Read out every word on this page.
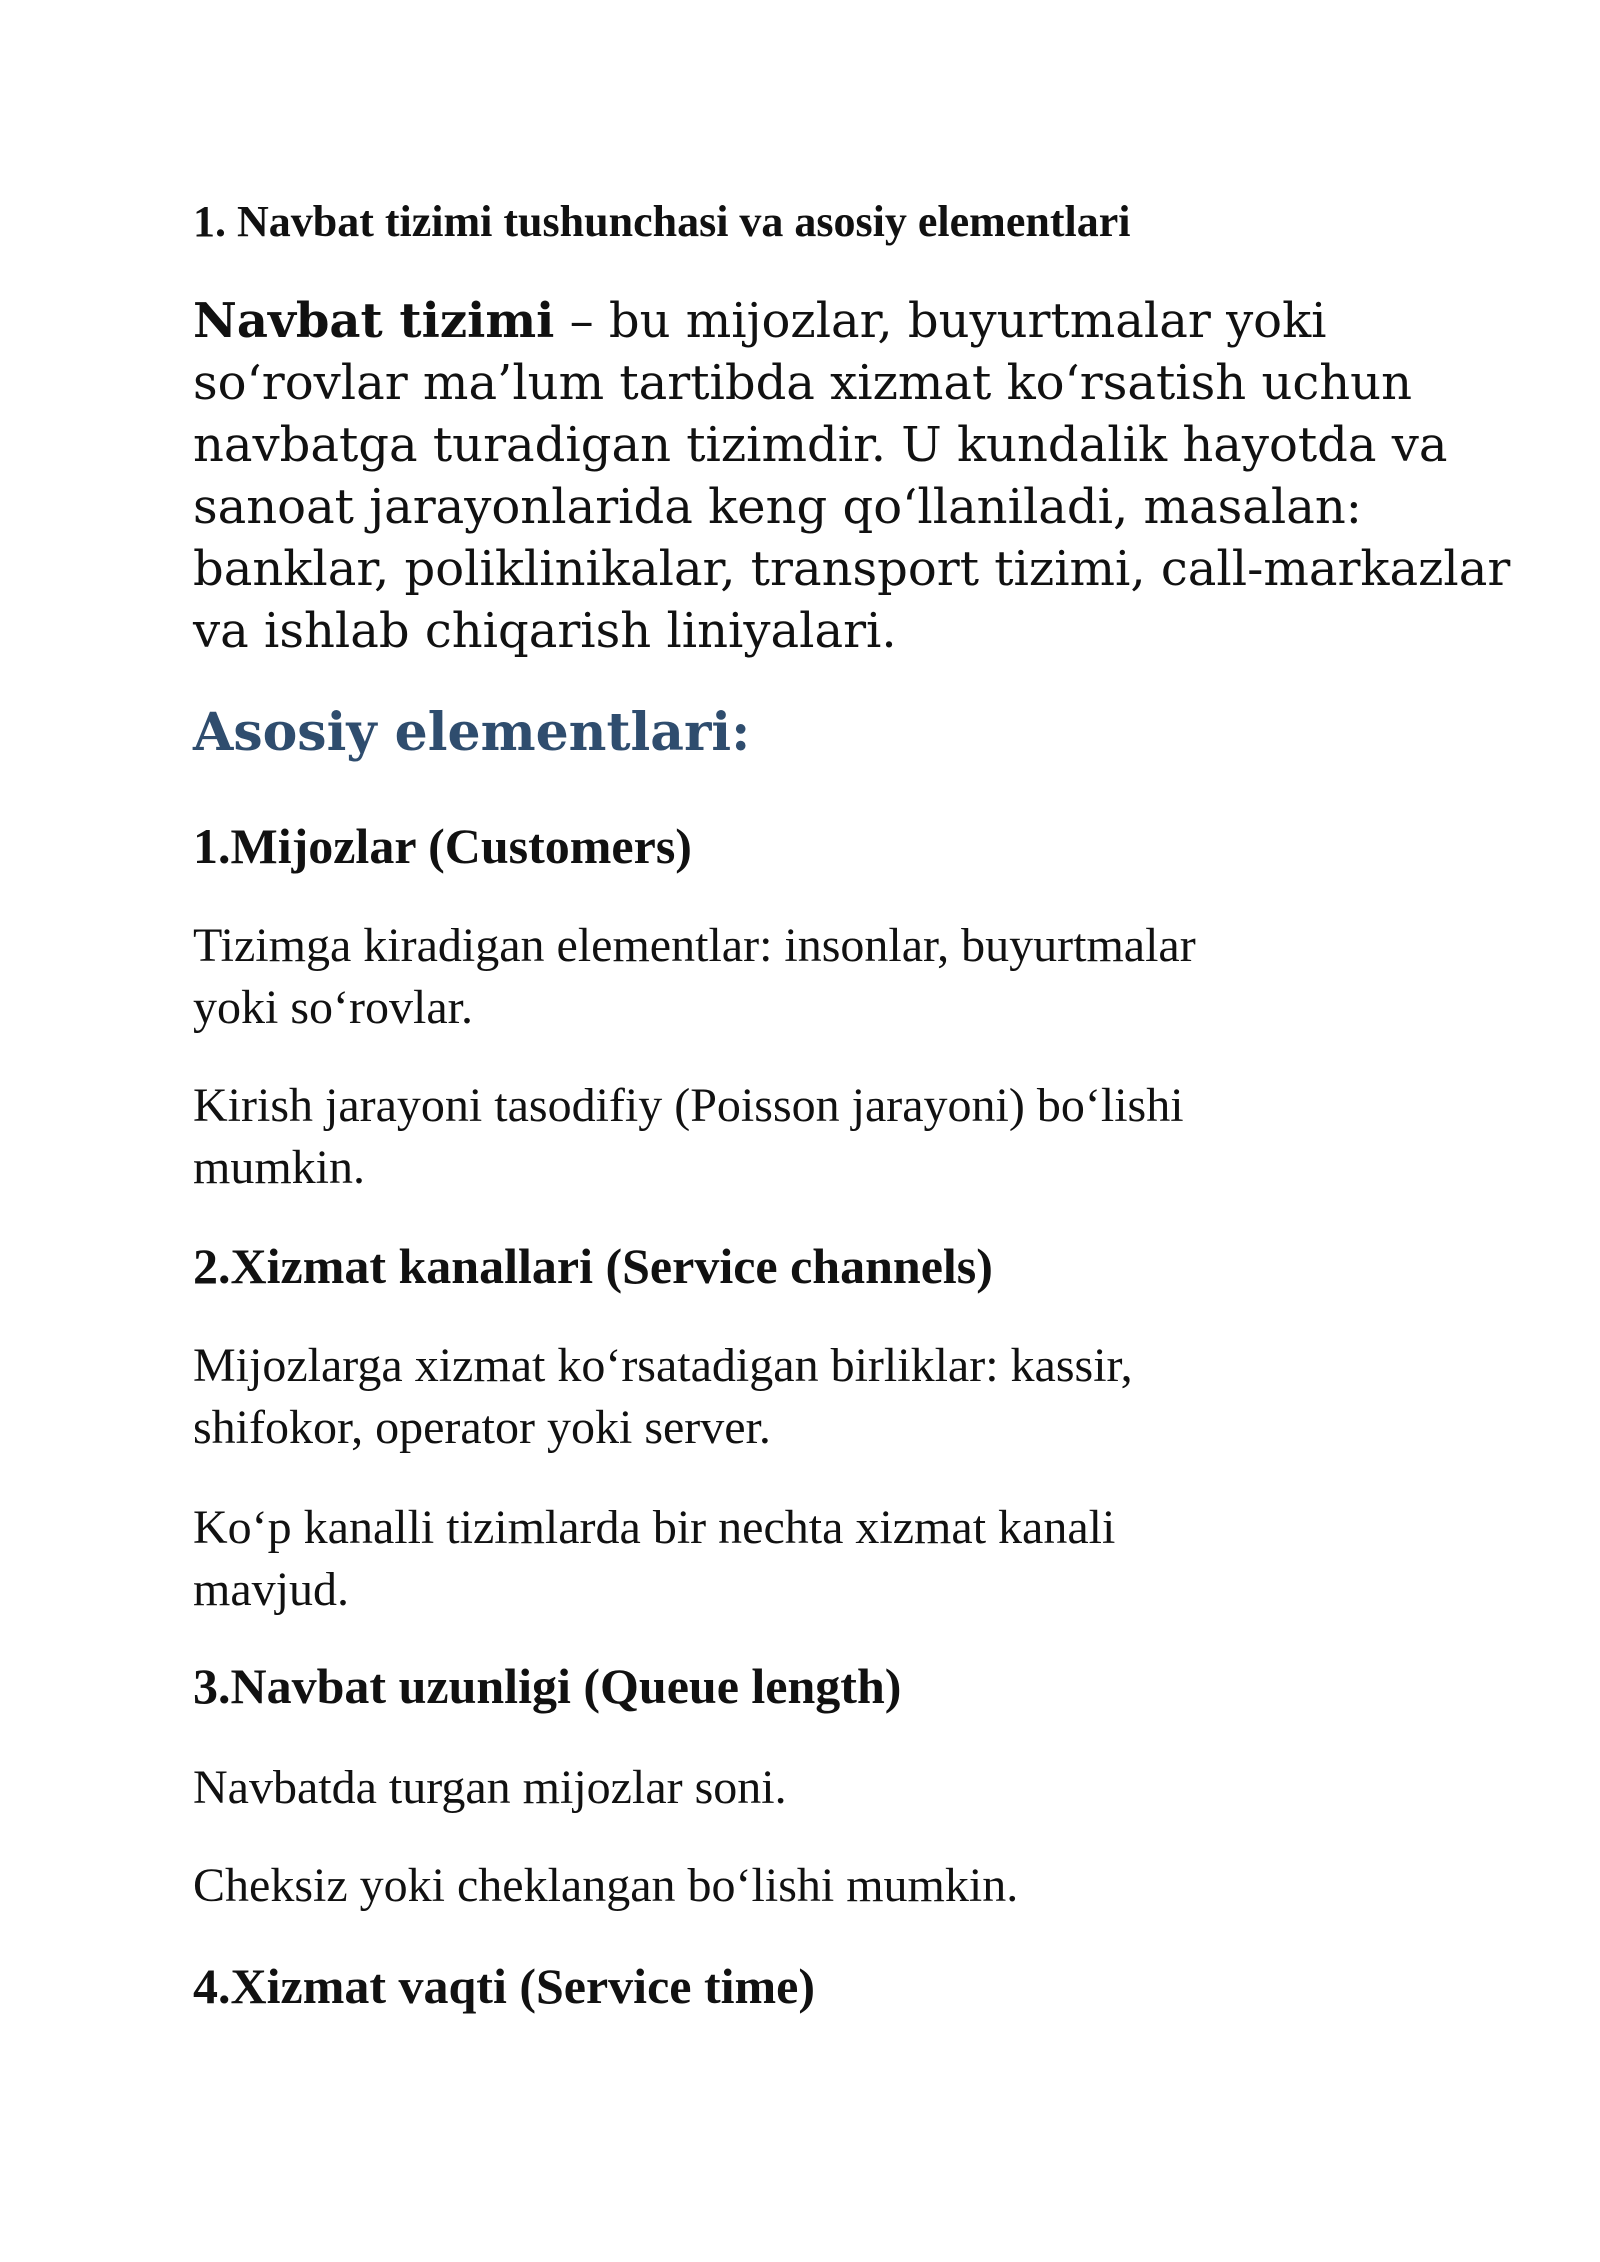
1. Navbat tizimi tushunchasi va asosiy elementlari
Navbat tizimi – bu mijozlar, buyurtmalar yoki
so‘rovlar ma’lum tartibda xizmat ko‘rsatish uchun
navbatga turadigan tizimdir. U kundalik hayotda va
sanoat jarayonlarida keng qo‘llaniladi, masalan:
banklar, poliklinikalar, transport tizimi, call-markazlar
va ishlab chiqarish liniyalari.
Asosiy elementlari:
1.Mijozlar (Customers)
Tizimga kiradigan elementlar: insonlar, buyurtmalar
yoki so‘rovlar.
Kirish jarayoni tasodifiy (Poisson jarayoni) bo‘lishi
mumkin.
2.Xizmat kanallari (Service channels)
Mijozlarga xizmat ko‘rsatadigan birliklar: kassir,
shifokor, operator yoki server.
Ko‘p kanalli tizimlarda bir nechta xizmat kanali
mavjud.
3.Navbat uzunligi (Queue length)
Navbatda turgan mijozlar soni.
Cheksiz yoki cheklangan bo‘lishi mumkin.
4.Xizmat vaqti (Service time)
